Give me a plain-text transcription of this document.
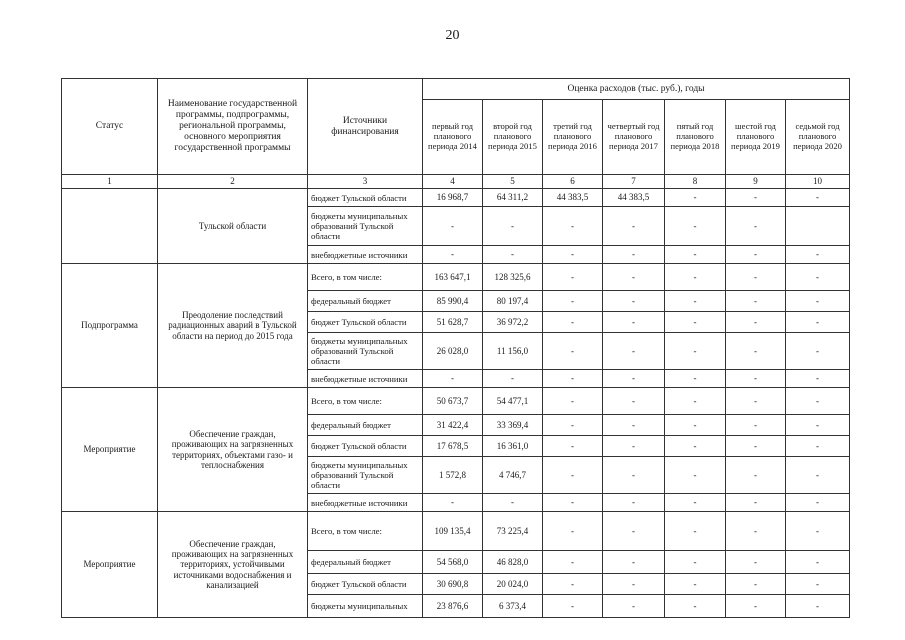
20
Статус	Наименование государственной программы, подпрограммы, региональной программы, основного мероприятия государственной программы	Источники финансирования	Оценка расходов (тыс. руб.), годы						
			первый год планового периода 2014	второй год планового периода 2015	третий год планового периода 2016	четвертый год планового периода 2017	пятый год планового периода 2018	шестой год планового периода 2019	седьмой год планового периода 2020
1	2	3	4	5	6	7	8	9	10
	Тульской области	бюджет Тульской области	16 968,7	64 311,2	44 383,5	44 383,5	-	-	-
		бюджеты муниципальных образований Тульской области	-	-	-	-	-	-	
		внебюджетные источники	-	-	-	-	-	-	-
Подпрограмма	Преодоление последствий радиационных аварий в Тульской области на период до 2015 года	Всего, в том числе:	163 647,1	128 325,6	-	-	-	-	-
		федеральный бюджет	85 990,4	80 197,4	-	-	-	-	-
		бюджет Тульской области	51 628,7	36 972,2	-	-	-	-	-
		бюджеты муниципальных образований Тульской области	26 028,0	11 156,0	-	-	-	-	-
		внебюджетные источники	-	-	-	-	-	-	-
Мероприятие	Обеспечение граждан, проживающих на загрязненных территориях, объектами газо- и теплоснабжения	Всего, в том числе:	50 673,7	54 477,1	-	-	-	-	-
		федеральный бюджет	31 422,4	33 369,4	-	-	-	-	-
		бюджет Тульской области	17 678,5	16 361,0	-	-	-	-	-
		бюджеты муниципальных образований Тульской области	1 572,8	4 746,7	-	-	-	-	-
		внебюджетные источники	-	-	-	-	-	-	-
Мероприятие	Обеспечение граждан, проживающих на загрязненных территориях, устойчивыми источниками водоснабжения и канализацией	Всего, в том числе:	109 135,4	73 225,4	-	-	-	-	-
		федеральный бюджет	54 568,0	46 828,0	-	-	-	-	-
		бюджет Тульской области	30 690,8	20 024,0	-	-	-	-	-
		бюджеты муниципальных	23 876,6	6 373,4	-	-	-	-	-
